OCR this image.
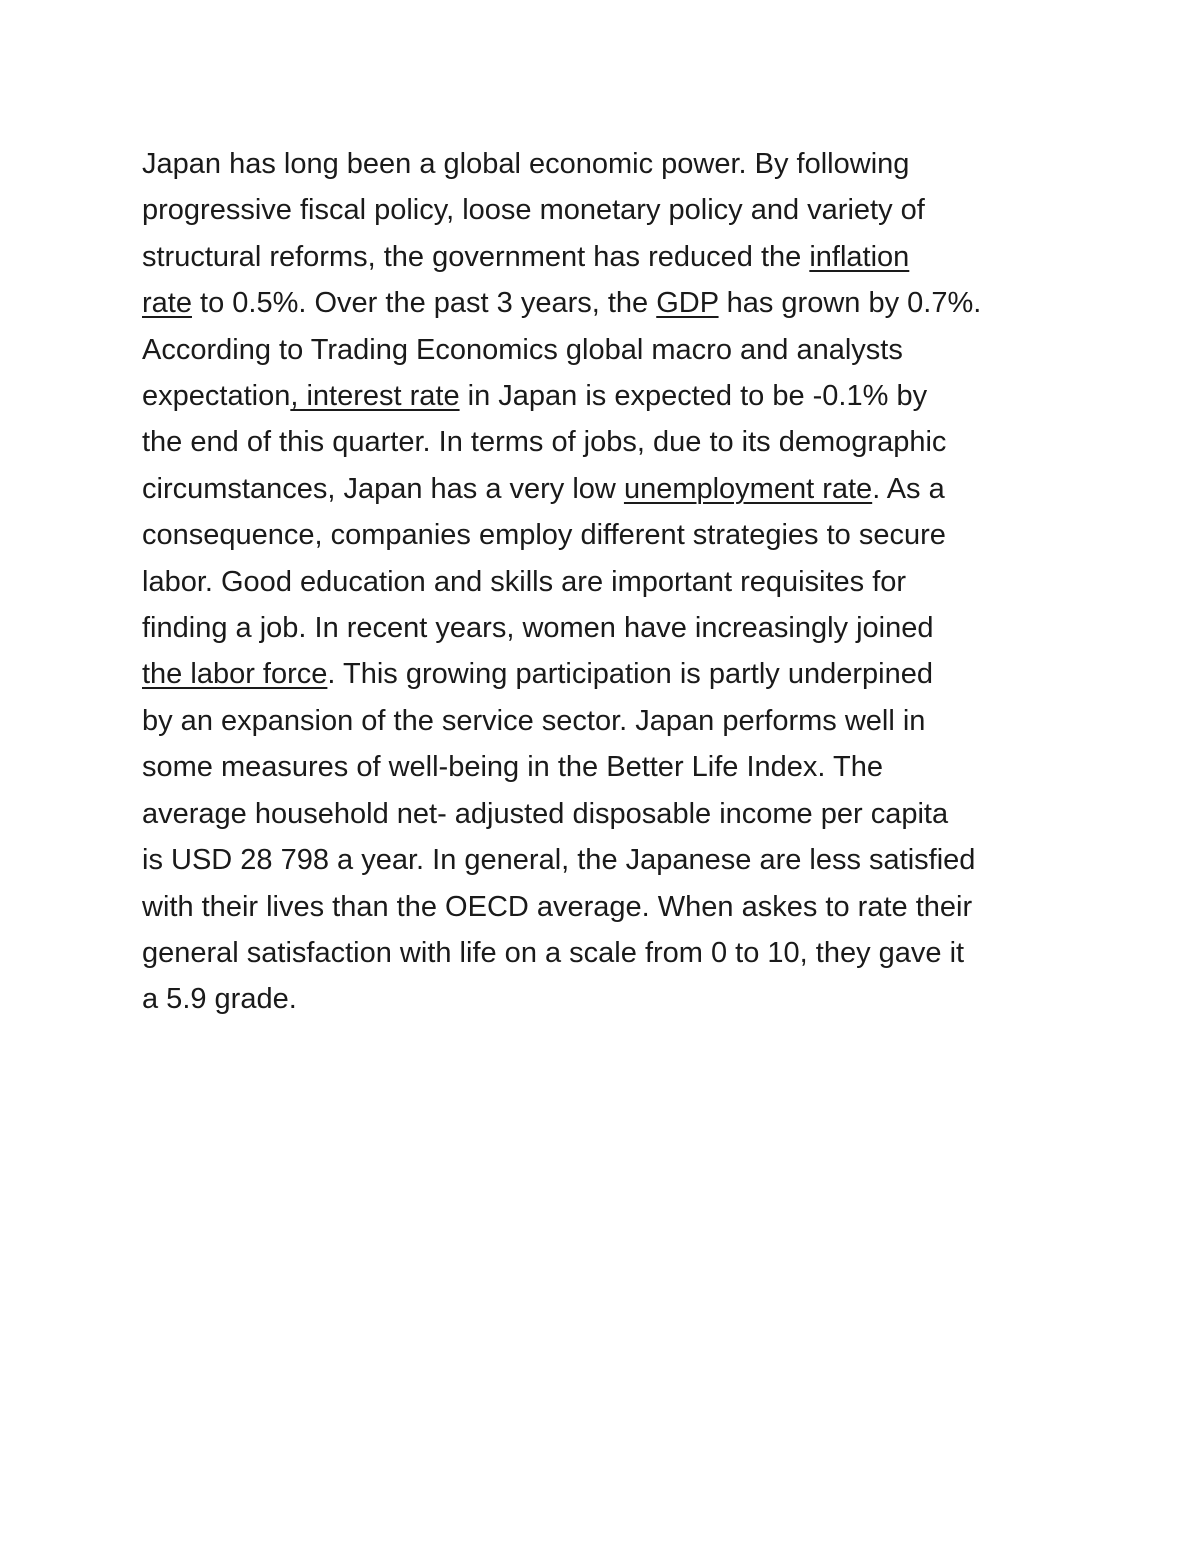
Japan has long been a global economic power. By following
progressive fiscal policy, loose monetary policy and variety of
structural reforms, the government has reduced the inflation
rate to 0.5%. Over the past 3 years, the GDP has grown by 0.7%.
According to Trading Economics global macro and analysts
expectation, interest rate in Japan is expected to be -0.1% by
the end of this quarter. In terms of jobs, due to its demographic
circumstances, Japan has a very low unemployment rate. As a
consequence, companies employ different strategies to secure
labor. Good education and skills are important requisites for
finding a job. In recent years, women have increasingly joined
the labor force. This growing participation is partly underpined
by an expansion of the service sector. Japan performs well in
some measures of well-being in the Better Life Index. The
average household net- adjusted disposable income per capita
is USD 28 798 a year. In general, the Japanese are less satisfied
with their lives than the OECD average. When askes to rate their
general satisfaction with life on a scale from 0 to 10, they gave it
a 5.9 grade.
